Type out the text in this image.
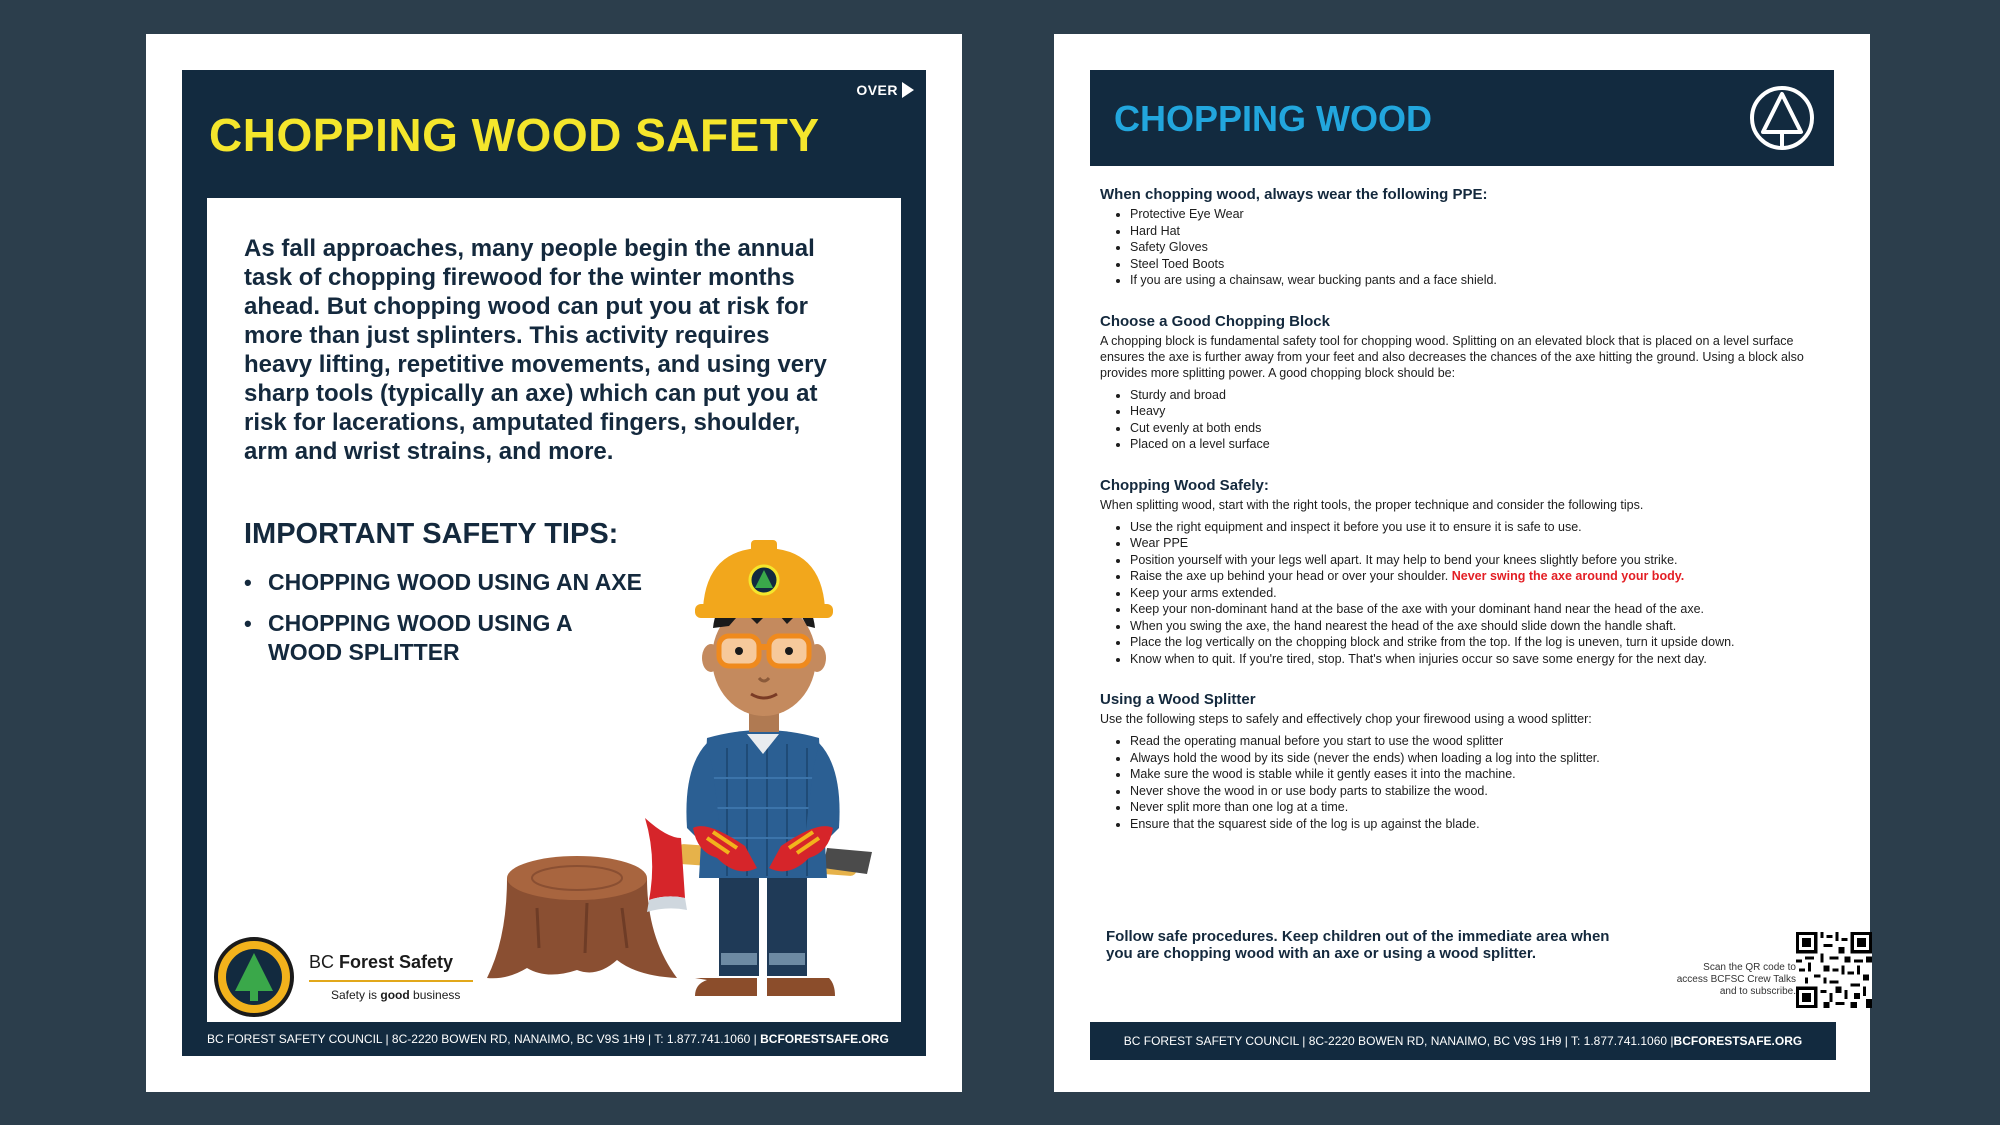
OVER
CHOPPING WOOD SAFETY

As fall approaches, many people begin the annual task of chopping firewood for the winter months ahead. But chopping wood can put you at risk for more than just splinters. This activity requires heavy lifting, repetitive movements, and using very sharp tools (typically an axe) which can put you at risk for lacerations, amputated fingers, shoulder, arm and wrist strains, and more.

IMPORTANT SAFETY TIPS:
• CHOPPING WOOD USING AN AXE
• CHOPPING WOOD USING A WOOD SPLITTER
BC Forest Safety
Safety is good business
BC FOREST SAFETY COUNCIL | 8C-2220 BOWEN RD, NANAIMO, BC V9S 1H9 | T: 1.877.741.1060 | BCFORESTSAFE.ORG
CHOPPING WOOD
When chopping wood, always wear the following PPE:
• Protective Eye Wear
• Hard Hat
• Safety Gloves
• Steel Toed Boots
• If you are using a chainsaw, wear bucking pants and a face shield.
Choose a Good Chopping Block

A chopping block is fundamental safety tool for chopping wood. Splitting on an elevated block that is placed on a level surface ensures the axe is further away from your feet and also decreases the chances of the axe hitting the ground. Using a block also provides more splitting power. A good chopping block should be:

• Sturdy and broad
• Heavy
• Cut evenly at both ends
• Placed on a level surface
Chopping Wood Safely:

When splitting wood, start with the right tools, the proper technique and consider the following tips.

• Use the right equipment and inspect it before you use it to ensure it is safe to use.
• Wear PPE
• Position yourself with your legs well apart. It may help to bend your knees slightly before you strike.
• Raise the axe up behind your head or over your shoulder. Never swing the axe around your body.
• Keep your arms extended.
• Keep your non-dominant hand at the base of the axe with your dominant hand near the head of the axe.
• When you swing the axe, the hand nearest the head of the axe should slide down the handle shaft.
• Place the log vertically on the chopping block and strike from the top. If the log is uneven, turn it upside down.
• Know when to quit. If you're tired, stop. That's when injuries occur so save some energy for the next day.
Using a Wood Splitter

Use the following steps to safely and effectively chop your firewood using a wood splitter:

• Read the operating manual before you start to use the wood splitter
• Always hold the wood by its side (never the ends) when loading a log into the splitter.
• Make sure the wood is stable while it gently eases it into the machine.
• Never shove the wood in or use body parts to stabilize the wood.
• Never split more than one log at a time.
• Ensure that the squarest side of the log is up against the blade.

Follow safe procedures. Keep children out of the immediate area when you are chopping wood with an axe or using a wood splitter.

Scan the QR code to access BCFSC Crew Talks and to subscribe.

BC FOREST SAFETY COUNCIL | 8C-2220 BOWEN RD, NANAIMO, BC V9S 1H9 | T: 1.877.741.1060 | BCFORESTSAFE.ORG
